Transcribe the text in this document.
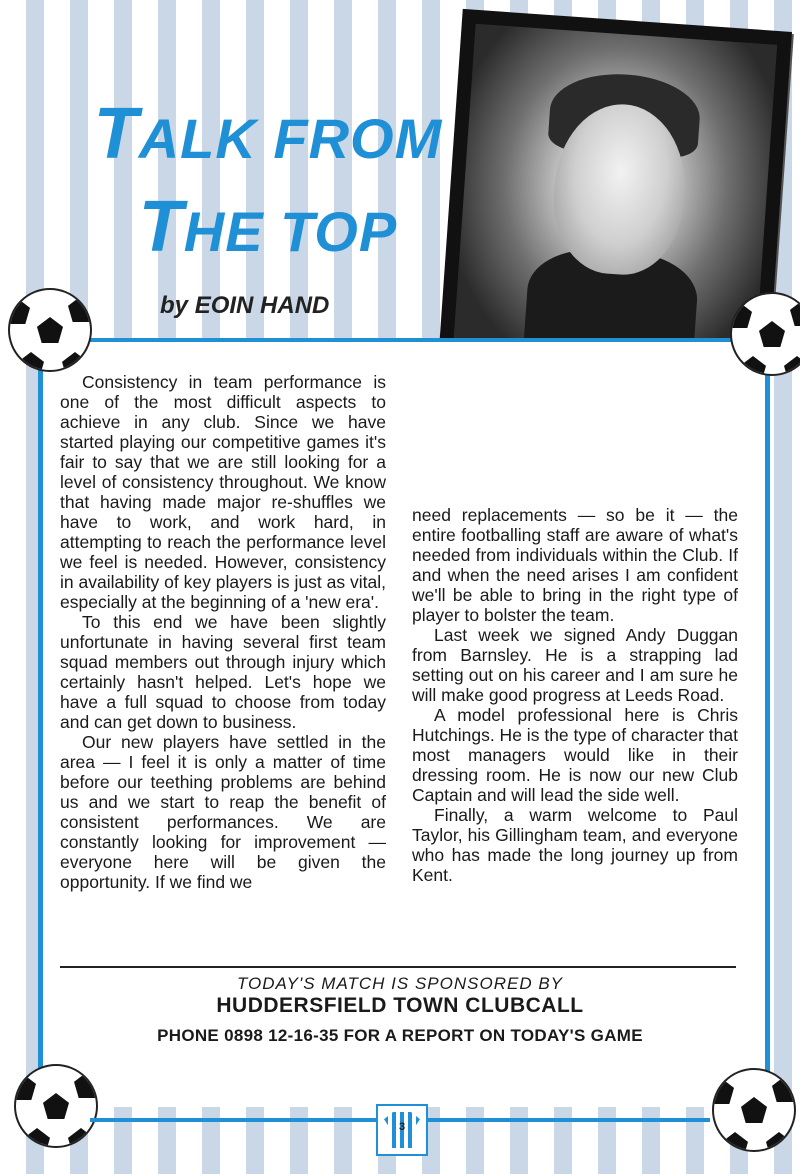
TALK FROM
THE TOP
by EOIN HAND

Consistency in team performance is one of the most difficult aspects to achieve in any club. Since we have started playing our competitive games it's fair to say that we are still looking for a level of consistency throughout. We know that having made major re-shuffles we have to work, and work hard, in attempting to reach the performance level we feel is needed. However, consistency in availability of key players is just as vital, especially at the beginning of a 'new era'.

To this end we have been slightly unfortunate in having several first team squad members out through injury which certainly hasn't helped. Let's hope we have a full squad to choose from today and can get down to business.

Our new players have settled in the area — I feel it is only a matter of time before our teething problems are behind us and we start to reap the benefit of consistent performances. We are constantly looking for improvement — everyone here will be given the opportunity. If we find we

need replacements — so be it — the entire footballing staff are aware of what's needed from individuals within the Club. If and when the need arises I am confident we'll be able to bring in the right type of player to bolster the team.

Last week we signed Andy Duggan from Barnsley. He is a strapping lad setting out on his career and I am sure he will make good progress at Leeds Road.

A model professional here is Chris Hutchings. He is the type of character that most managers would like in their dressing room. He is now our new Club Captain and will lead the side well.

Finally, a warm welcome to Paul Taylor, his Gillingham team, and everyone who has made the long journey up from Kent.

TODAY'S MATCH IS SPONSORED BY
HUDDERSFIELD TOWN CLUBCALL
PHONE 0898 12-16-35 FOR A REPORT ON TODAY'S GAME
3
